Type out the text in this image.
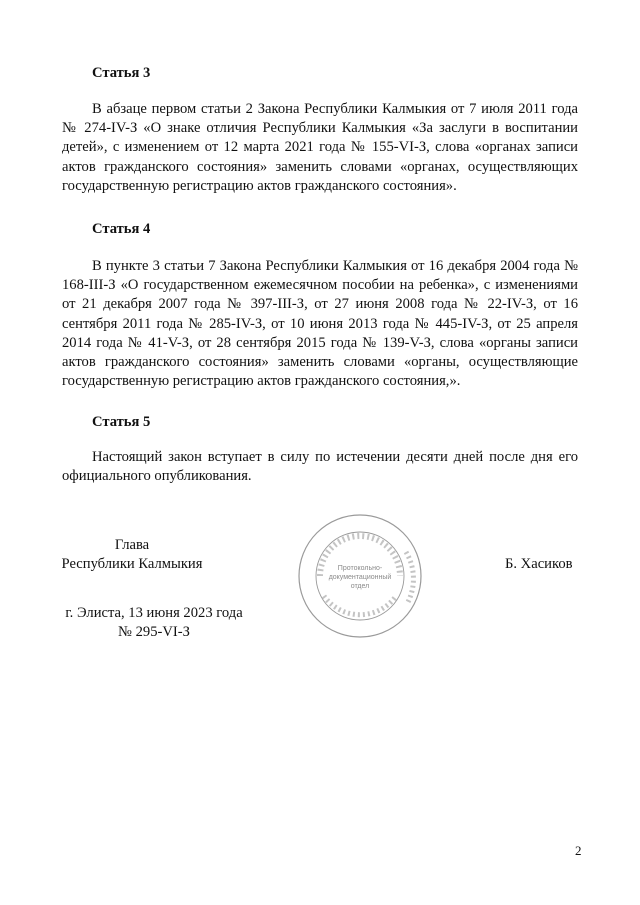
Статья 3
В абзаце первом статьи 2 Закона Республики Калмыкия от 7 июля 2011 года № 274-IV-З «О знаке отличия Республики Калмыкия «За заслуги в воспитании детей», с изменением от 12 марта 2021 года № 155-VI-З, слова «органах записи актов гражданского состояния» заменить словами «органах, осуществляющих государственную регистрацию актов гражданского состояния».
Статья 4
В пункте 3 статьи 7 Закона Республики Калмыкия от 16 декабря 2004 года № 168-III-З «О государственном ежемесячном пособии на ребенка», с изменениями от 21 декабря 2007 года № 397-III-З, от 27 июня 2008 года № 22-IV-З, от 16 сентября 2011 года № 285-IV-З, от 10 июня 2013 года № 445-IV-З, от 25 апреля 2014 года № 41-V-З, от 28 сентября 2015 года № 139-V-З, слова «органы записи актов гражданского состояния» заменить словами «органы, осуществляющие государственную регистрацию актов гражданского состояния,».
Статья 5
Настоящий закон вступает в силу по истечении десяти дней после дня его официального опубликования.
Глава
Республики Калмыкия	Б. Хасиков
Протокольно-
документационный
отдел
г. Элиста, 13 июня 2023 года
№ 295-VI-З
2
